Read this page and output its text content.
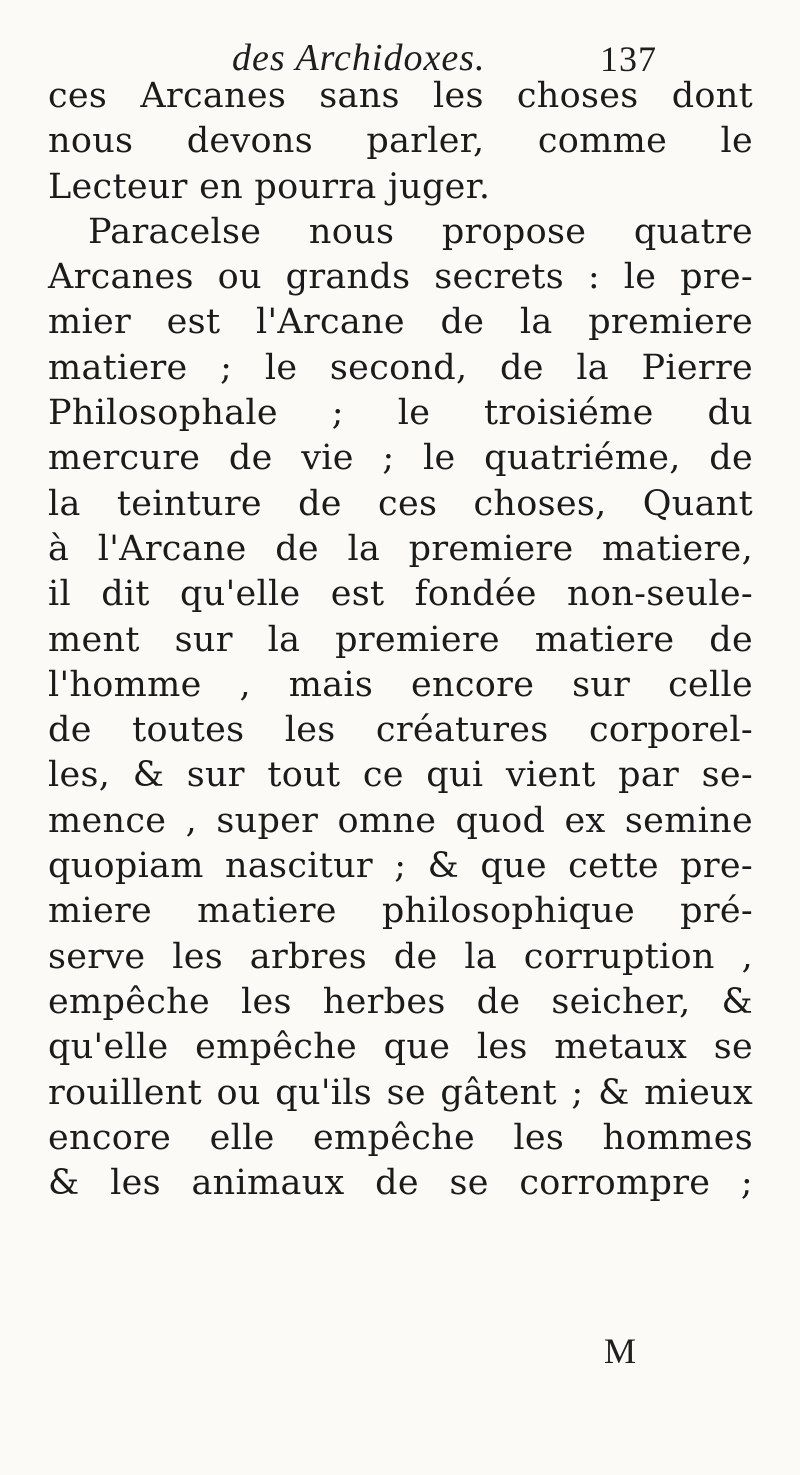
des Archidoxes.	137
ces Arcanes sans les choses dont
nous devons parler, comme le
Lecteur en pourra juger.
Paracelse nous propose quatre
Arcanes ou grands secrets : le pre-
mier est l'Arcane de la premiere
matiere ; le second, de la Pierre
Philosophale ; le troisiéme du
mercure de vie ; le quatriéme, de
la teinture de ces choses, Quant
à l'Arcane de la premiere matiere,
il dit qu'elle est fondée non-seule-
ment sur la premiere matiere de
l'homme , mais encore sur celle
de toutes les créatures corporel-
les, & sur tout ce qui vient par se-
mence , super omne quod ex semine
quopiam nascitur ; & que cette pre-
miere matiere philosophique pré-
serve les arbres de la corruption ,
empêche les herbes de seicher, &
qu'elle empêche que les metaux se
rouillent ou qu'ils se gâtent ; & mieux
encore elle empêche les hommes
& les animaux de se corrompre ;
M
